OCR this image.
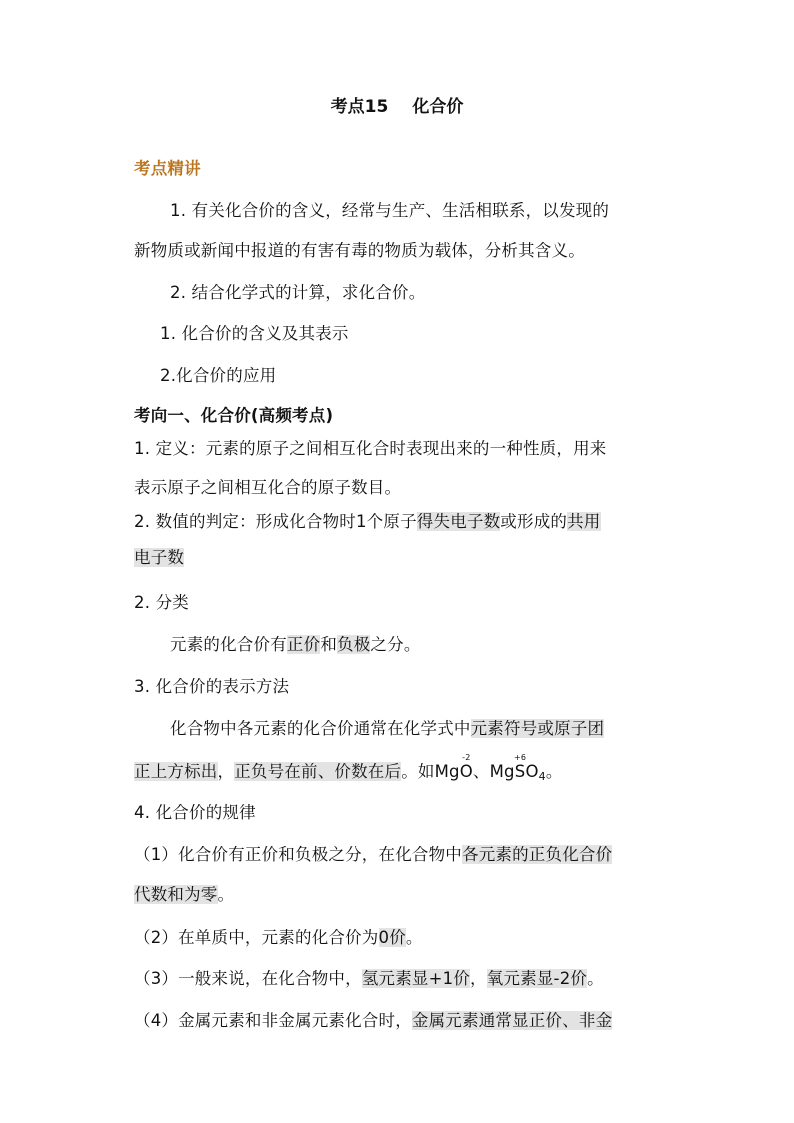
考点15 化合价
考点精讲
1. 有关化合价的含义，经常与生产、生活相联系，以发现的
新物质或新闻中报道的有害有毒的物质为载体，分析其含义。
2. 结合化学式的计算，求化合价。
1. 化合价的含义及其表示
2.化合价的应用
考向一、化合价(高频考点)
1. 定义：元素的原子之间相互化合时表现出来的一种性质，用来
表示原子之间相互化合的原子数目。
2. 数值的判定：形成化合物时1个原子得失电子数或形成的共用
电子数
2. 分类
元素的化合价有正价和负极之分。
3. 化合价的表示方法
化合物中各元素的化合价通常在化学式中元素符号或原子团
正上方标出，正负号在前、价数在后。如Mg
-2
O、Mg
+6
$SO_4$。
4. 化合价的规律
（1）化合价有正价和负极之分，在化合物中各元素的正负化合价
代数和为零。
（2）在单质中，元素的化合价为0价。
（3）一般来说，在化合物中，氢元素显+1价，氧元素显-2价。
（4）金属元素和非金属元素化合时，金属元素通常显正价、非金
